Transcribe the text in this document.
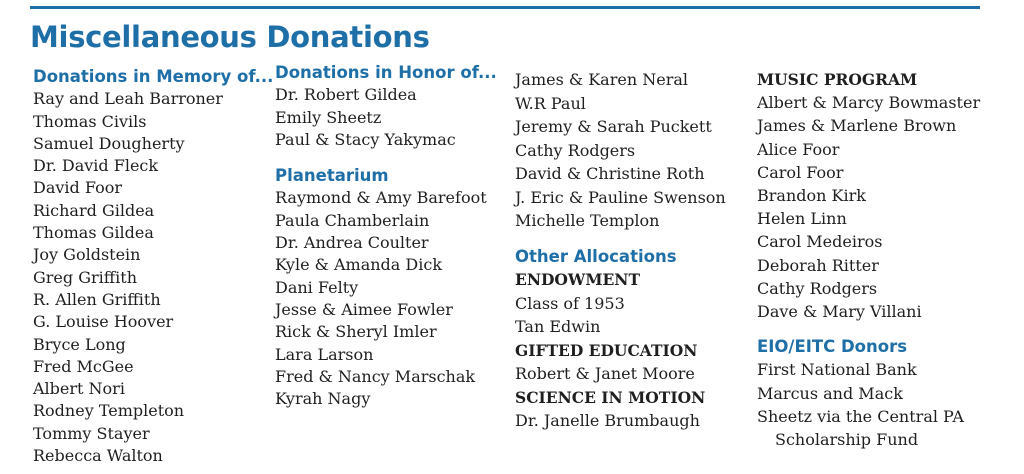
Miscellaneous Donations
Donations in Memory of...
Ray and Leah Barroner
Thomas Civils
Samuel Dougherty
Dr. David Fleck
David Foor
Richard Gildea
Thomas Gildea
Joy Goldstein
Greg Griffith
R. Allen Griffith
G. Louise Hoover
Bryce Long
Fred McGee
Albert Nori
Rodney Templeton
Tommy Stayer
Rebecca Walton
Donations in Honor of...
Dr. Robert Gildea
Emily Sheetz
Paul & Stacy Yakymac
Planetarium
Raymond & Amy Barefoot
Paula Chamberlain
Dr. Andrea Coulter
Kyle & Amanda Dick
Dani Felty
Jesse & Aimee Fowler
Rick & Sheryl Imler
Lara Larson
Fred & Nancy Marschak
Kyrah Nagy
James & Karen Neral
W.R Paul
Jeremy & Sarah Puckett
Cathy Rodgers
David & Christine Roth
J. Eric & Pauline Swenson
Michelle Templon
Other Allocations
ENDOWMENT
Class of 1953
Tan Edwin
GIFTED EDUCATION
Robert & Janet Moore
SCIENCE IN MOTION
Dr. Janelle Brumbaugh
MUSIC PROGRAM
Albert & Marcy Bowmaster
James & Marlene Brown
Alice Foor
Carol Foor
Brandon Kirk
Helen Linn
Carol Medeiros
Deborah Ritter
Cathy Rodgers
Dave & Mary Villani
EIO/EITC Donors
First National Bank
Marcus and Mack
Sheetz via the Central PA
Scholarship Fund
